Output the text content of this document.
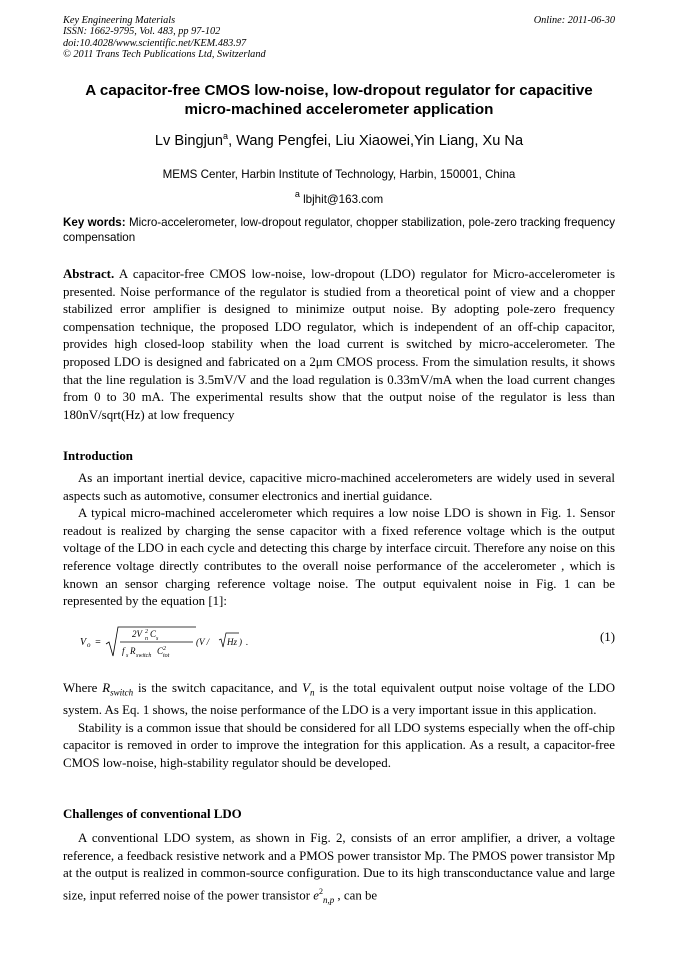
Key Engineering Materials
ISSN: 1662-9795, Vol. 483, pp 97-102
doi:10.4028/www.scientific.net/KEM.483.97
© 2011 Trans Tech Publications Ltd, Switzerland
Online: 2011-06-30
A capacitor-free CMOS low-noise, low-dropout regulator for capacitive micro-machined accelerometer application
Lv Bingjun$^a$, Wang Pengfei, Liu Xiaowei,Yin Liang, Xu Na
MEMS Center, Harbin Institute of Technology, Harbin, 150001, China
$^a$ lbjhit@163.com
Key words: Micro-accelerometer, low-dropout regulator, chopper stabilization, pole-zero tracking frequency compensation
Abstract. A capacitor-free CMOS low-noise, low-dropout (LDO) regulator for Micro-accelerometer is presented. Noise performance of the regulator is studied from a theoretical point of view and a chopper stabilized error amplifier is designed to minimize output noise. By adopting pole-zero frequency compensation technique, the proposed LDO regulator, which is independent of an off-chip capacitor, provides high closed-loop stability when the load current is switched by micro-accelerometer. The proposed LDO is designed and fabricated on a 2μm CMOS process. From the simulation results, it shows that the line regulation is 3.5mV/V and the load regulation is 0.33mV/mA when the load current changes from 0 to 30 mA. The experimental results show that the output noise of the regulator is less than 180nV/sqrt(Hz) at low frequency
Introduction

As an important inertial device, capacitive micro-machined accelerometers are widely used in several aspects such as automotive, consumer electronics and inertial guidance.

A typical micro-machined accelerometer which requires a low noise LDO is shown in Fig. 1. Sensor readout is realized by charging the sense capacitor with a fixed reference voltage which is the output voltage of the LDO in each cycle and detecting this charge by interface circuit. Therefore any noise on this reference voltage directly contributes to the overall noise performance of the accelerometer , which is known an sensor charging reference voltage noise. The output equivalent noise in Fig. 1 can be represented by the equation [1]:

V o =
2V 2
n C s
f s R switch C 2
tot
(V / Hz ) .	(1)

Where $R_{switch}$ is the switch capacitance, and $V_n$ is the total equivalent output noise voltage of the LDO system. As Eq. 1 shows, the noise performance of the LDO is a very important issue in this application.

Stability is a common issue that should be considered for all LDO systems especially when the off-chip capacitor is removed in order to improve the integration for this application. As a result, a capacitor-free CMOS low-noise, high-stability regulator should be developed.

Challenges of conventional LDO

A conventional LDO system, as shown in Fig. 2, consists of an error amplifier, a driver, a voltage reference, a feedback resistive network and a PMOS power transistor Mp. The PMOS power transistor Mp at the output is realized in common-source configuration. Due to its high transconductance value and large size, input referred noise of the power transistor $e^2_{n,p}$ , can be
